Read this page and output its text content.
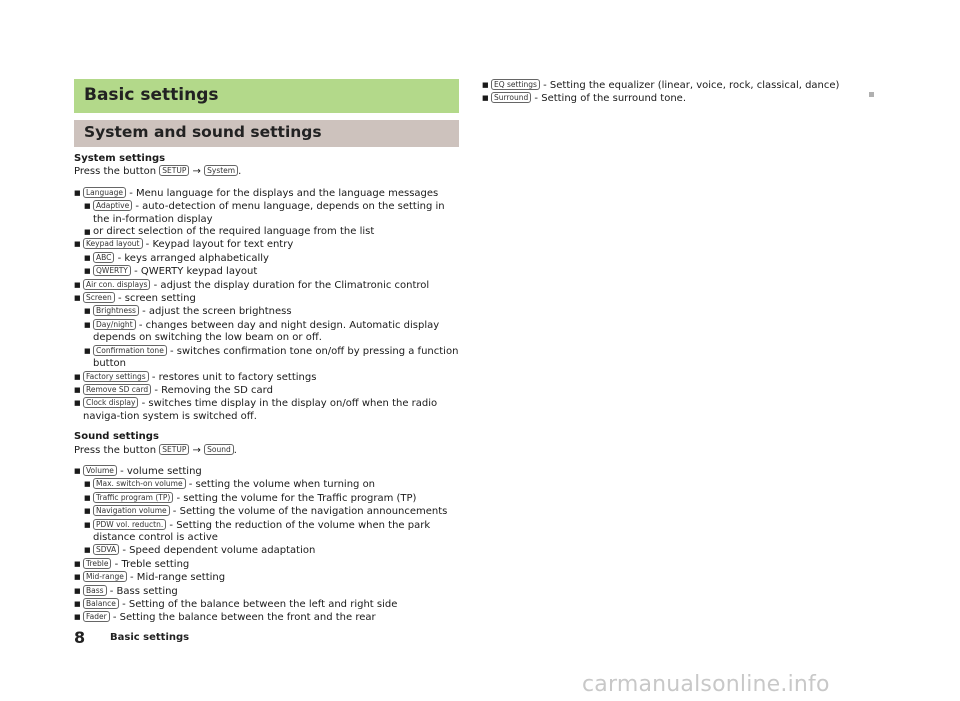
Basic settings
System and sound settings
System settings
Press the button SETUP → System .
■ Language - Menu language for the displays and the language messages
■ Adaptive - auto-detection of menu language, depends on the setting in the in-formation display
■ or direct selection of the required language from the list
■ Keypad layout - Keypad layout for text entry
■ ABC - keys arranged alphabetically
■ QWERTY - QWERTY keypad layout
■ Air con. displays - adjust the display duration for the Climatronic control
■ Screen - screen setting
■ Brightness - adjust the screen brightness
■ Day/night - changes between day and night design. Automatic display depends on switching the low beam on or off.
■ Confirmation tone - switches confirmation tone on/off by pressing a function button
■ Factory settings - restores unit to factory settings
■ Remove SD card - Removing the SD card
■ Clock display - switches time display in the display on/off when the radio naviga-tion system is switched off.
Sound settings
Press the button SETUP → Sound .
■ Volume - volume setting
■ Max. switch-on volume - setting the volume when turning on
■ Traffic program (TP) - setting the volume for the Traffic program (TP)
■ Navigation volume - Setting the volume of the navigation announcements
■ PDW vol. reductn. - Setting the reduction of the volume when the park distance control is active
■ SDVA - Speed dependent volume adaptation
■ Treble - Treble setting
■ Mid-range - Mid-range setting
■ Bass - Bass setting
■ Balance - Setting of the balance between the left and right side
■ Fader - Setting the balance between the front and the rear
■ EQ settings - Setting the equalizer (linear, voice, rock, classical, dance)
■ Surround - Setting of the surround tone.
8 Basic settings
carmanualsonline.info
